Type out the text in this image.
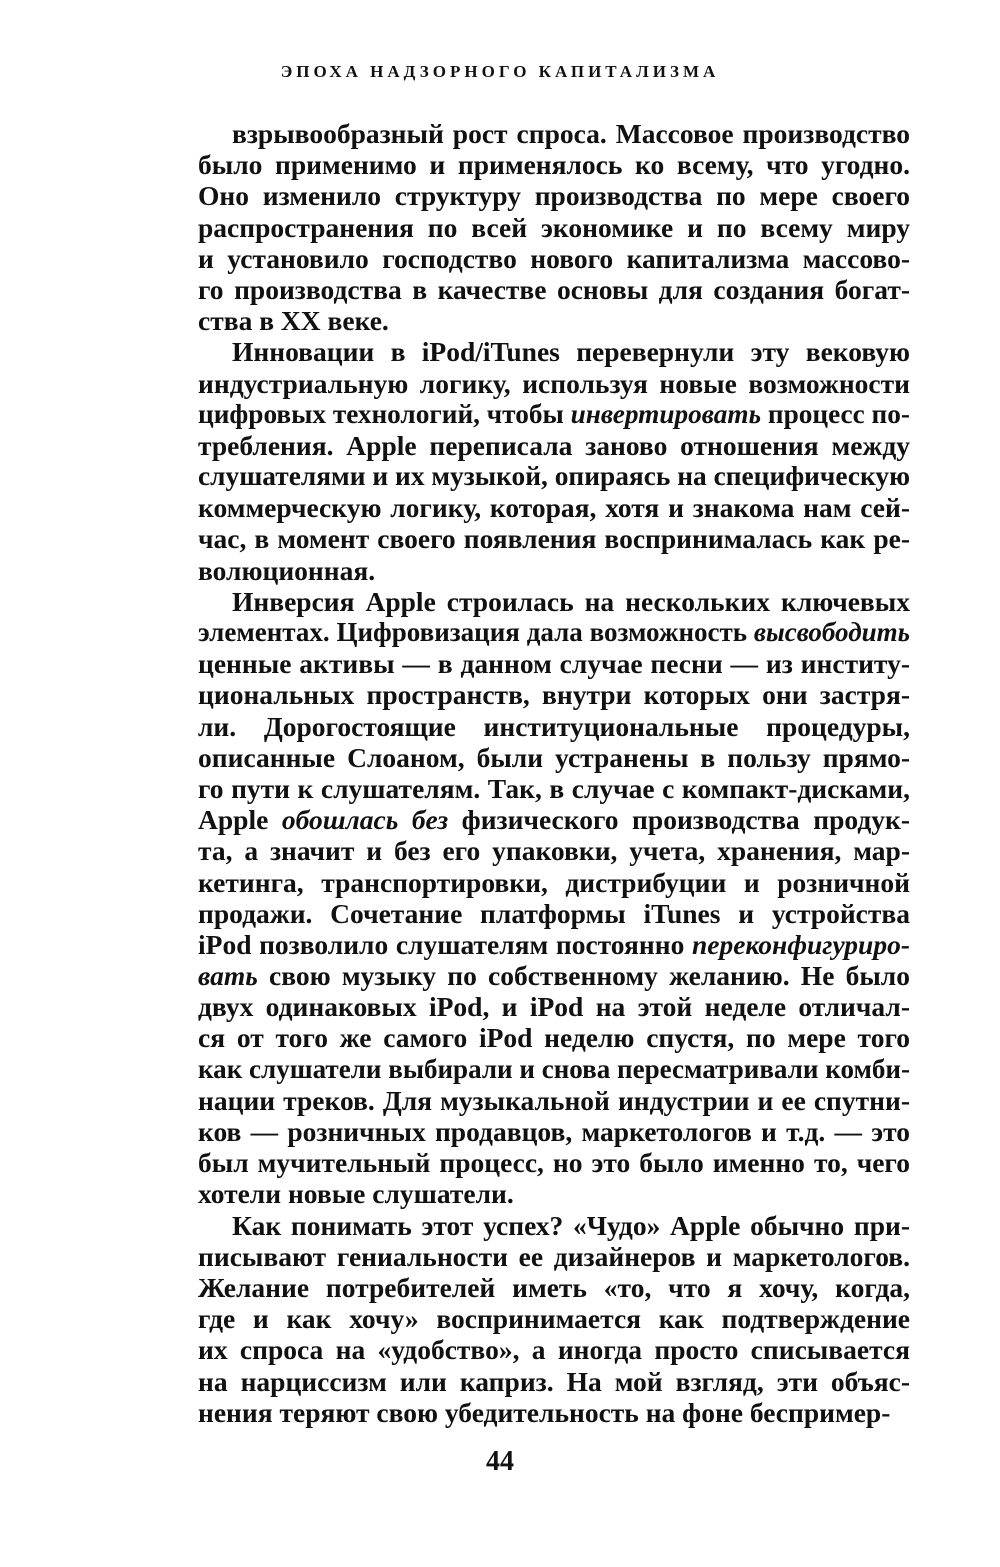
ЭПОХА НАДЗОРНОГО КАПИТАЛИЗМА
взрывообразный рост спроса. Массовое производство
было применимо и применялось ко всему, что угодно.
Оно изменило структуру производства по мере своего
распространения по всей экономике и по всему миру
и установило господство нового капитализма массово-
го производства в качестве основы для создания богат-
ства в XX веке.
Инновации в iPod/iTunes перевернули эту вековую
индустриальную логику, используя новые возможности
цифровых технологий, чтобы инвертировать процесс по-
требления. Apple переписала заново отношения между
слушателями и их музыкой, опираясь на специфическую
коммерческую логику, которая, хотя и знакома нам сей-
час, в момент своего появления воспринималась как ре-
волюционная.
Инверсия Apple строилась на нескольких ключевых
элементах. Цифровизация дала возможность высвободить
ценные активы — в данном случае песни — из институ-
циональных пространств, внутри которых они застря-
ли. Дорогостоящие институциональные процедуры,
описанные Слоаном, были устранены в пользу прямо-
го пути к слушателям. Так, в случае с компакт-дисками,
Apple обошлась без физического производства продук-
та, а значит и без его упаковки, учета, хранения, мар-
кетинга, транспортировки, дистрибуции и розничной
продажи. Сочетание платформы iTunes и устройства
iPod позволило слушателям постоянно переконфигуриро-
вать свою музыку по собственному желанию. Не было
двух одинаковых iPod, и iPod на этой неделе отличал-
ся от того же самого iPod неделю спустя, по мере того
как слушатели выбирали и снова пересматривали комби-
нации треков. Для музыкальной индустрии и ее спутни-
ков — розничных продавцов, маркетологов и т.д. — это
был мучительный процесс, но это было именно то, чего
хотели новые слушатели.
Как понимать этот успех? «Чудо» Apple обычно при-
писывают гениальности ее дизайнеров и маркетологов.
Желание потребителей иметь «то, что я хочу, когда,
где и как хочу» воспринимается как подтверждение
их спроса на «удобство», а иногда просто списывается
на нарциссизм или каприз. На мой взгляд, эти объяс-
нения теряют свою убедительность на фоне беспример-
44
